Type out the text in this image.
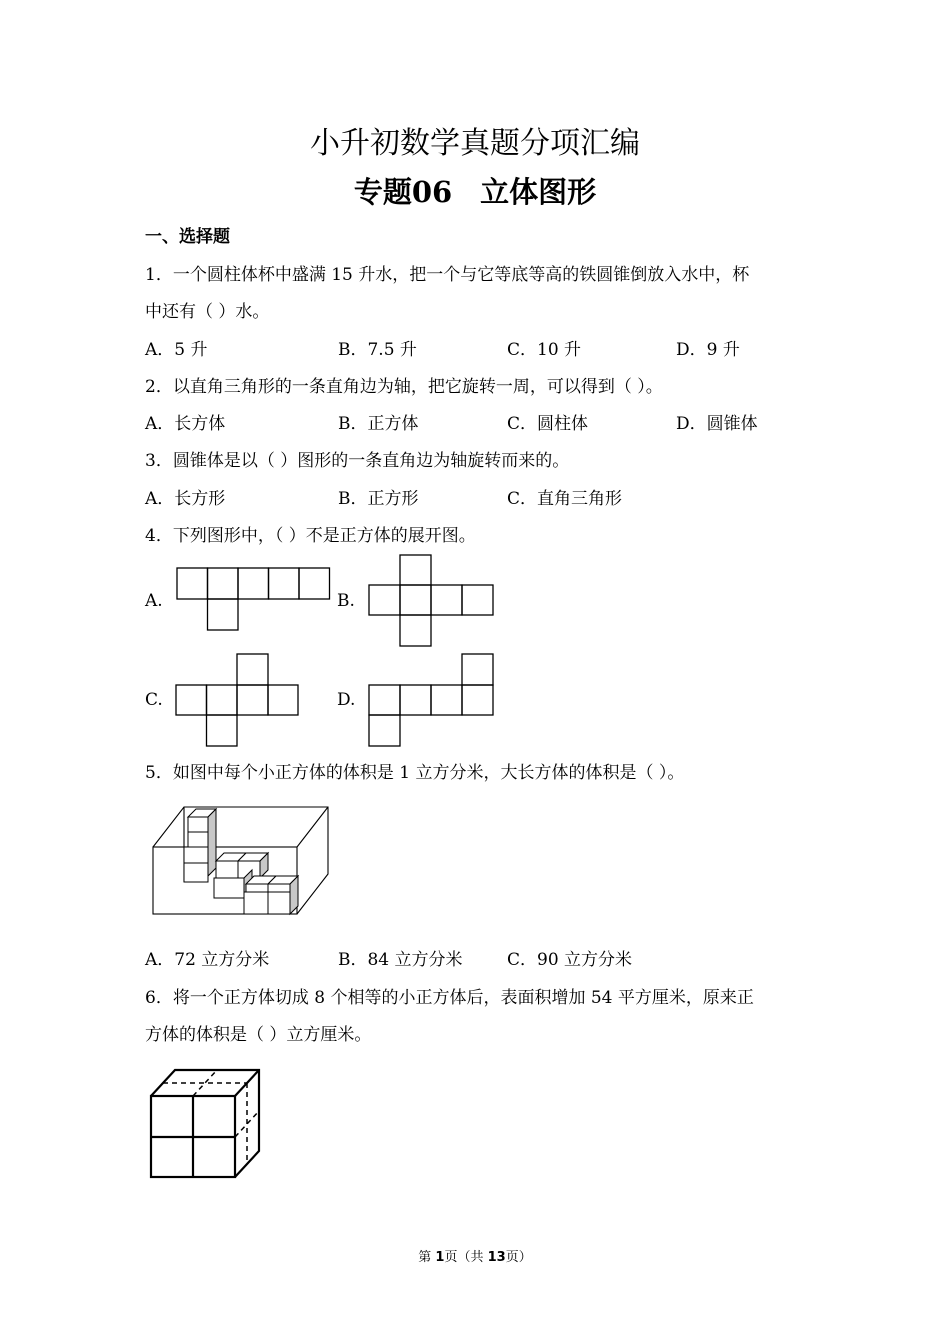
小升初数学真题分项汇编
专题06 立体图形
一、选择题
1．一个圆柱体杯中盛满 15 升水，把一个与它等底等高的铁圆锥倒放入水中，杯
中还有（ ）水。
A．5 升	B．7.5 升	C．10 升	D．9 升
2．以直角三角形的一条直角边为轴，把它旋转一周，可以得到（ ）。
A．长方体	B．正方体	C．圆柱体	D．圆锥体
3．圆锥体是以（ ）图形的一条直角边为轴旋转而来的。
A．长方形	B．正方形	C．直角三角形
4．下列图形中，（ ）不是正方体的展开图。
A.	B.
C.	D.
5．如图中每个小正方体的体积是 1 立方分米，大长方体的体积是（ ）。
A．72 立方分米	B．84 立方分米	C．90 立方分米
6．将一个正方体切成 8 个相等的小正方体后，表面积增加 54 平方厘米，原来正
方体的体积是（ ）立方厘米。
第 1页（共 13页）
